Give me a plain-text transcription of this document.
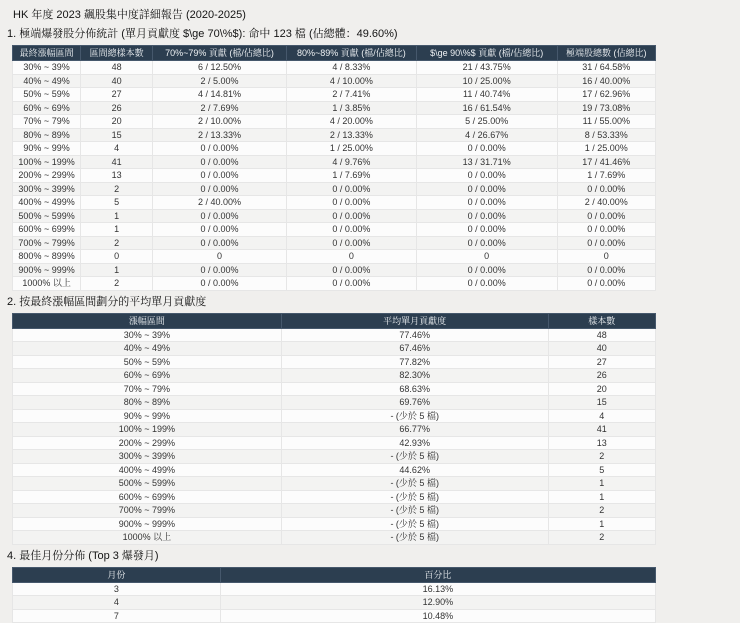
HK 年度 2023 飆股集中度詳細報告 (2020-2025)
1. 極端爆發股分佈統計 (單月貢獻度 $\ge 70\%$): 命中 123 檔 (佔總體：49.60%)
最終漲幅區間	區間總樣本數	70%~79% 貢獻 (檔/佔總比)	80%~89% 貢獻 (檔/佔總比)	$\ge 90\%$ 貢獻 (檔/佔總比)	極端股總數 (佔總比)
30% ~ 39%	48	6 / 12.50%	4 / 8.33%	21 / 43.75%	31 / 64.58%
40% ~ 49%	40	2 / 5.00%	4 / 10.00%	10 / 25.00%	16 / 40.00%
50% ~ 59%	27	4 / 14.81%	2 / 7.41%	11 / 40.74%	17 / 62.96%
60% ~ 69%	26	2 / 7.69%	1 / 3.85%	16 / 61.54%	19 / 73.08%
70% ~ 79%	20	2 / 10.00%	4 / 20.00%	5 / 25.00%	11 / 55.00%
80% ~ 89%	15	2 / 13.33%	2 / 13.33%	4 / 26.67%	8 / 53.33%
90% ~ 99%	4	0 / 0.00%	1 / 25.00%	0 / 0.00%	1 / 25.00%
100% ~ 199%	41	0 / 0.00%	4 / 9.76%	13 / 31.71%	17 / 41.46%
200% ~ 299%	13	0 / 0.00%	1 / 7.69%	0 / 0.00%	1 / 7.69%
300% ~ 399%	2	0 / 0.00%	0 / 0.00%	0 / 0.00%	0 / 0.00%
400% ~ 499%	5	2 / 40.00%	0 / 0.00%	0 / 0.00%	2 / 40.00%
500% ~ 599%	1	0 / 0.00%	0 / 0.00%	0 / 0.00%	0 / 0.00%
600% ~ 699%	1	0 / 0.00%	0 / 0.00%	0 / 0.00%	0 / 0.00%
700% ~ 799%	2	0 / 0.00%	0 / 0.00%	0 / 0.00%	0 / 0.00%
800% ~ 899%	0	0	0	0	0
900% ~ 999%	1	0 / 0.00%	0 / 0.00%	0 / 0.00%	0 / 0.00%
1000% 以上	2	0 / 0.00%	0 / 0.00%	0 / 0.00%	0 / 0.00%
2. 按最終漲幅區間劃分的平均單月貢獻度
漲幅區間	平均單月貢獻度	樣本數
30% ~ 39%	77.46%	48
40% ~ 49%	67.46%	40
50% ~ 59%	77.82%	27
60% ~ 69%	82.30%	26
70% ~ 79%	68.63%	20
80% ~ 89%	69.76%	15
90% ~ 99%	- (少於 5 檔)	4
100% ~ 199%	66.77%	41
200% ~ 299%	42.93%	13
300% ~ 399%	- (少於 5 檔)	2
400% ~ 499%	44.62%	5
500% ~ 599%	- (少於 5 檔)	1
600% ~ 699%	- (少於 5 檔)	1
700% ~ 799%	- (少於 5 檔)	2
900% ~ 999%	- (少於 5 檔)	1
1000% 以上	- (少於 5 檔)	2
4. 最佳月份分佈 (Top 3 爆發月)
月份	百分比
3	16.13%
4	12.90%
7	10.48%
